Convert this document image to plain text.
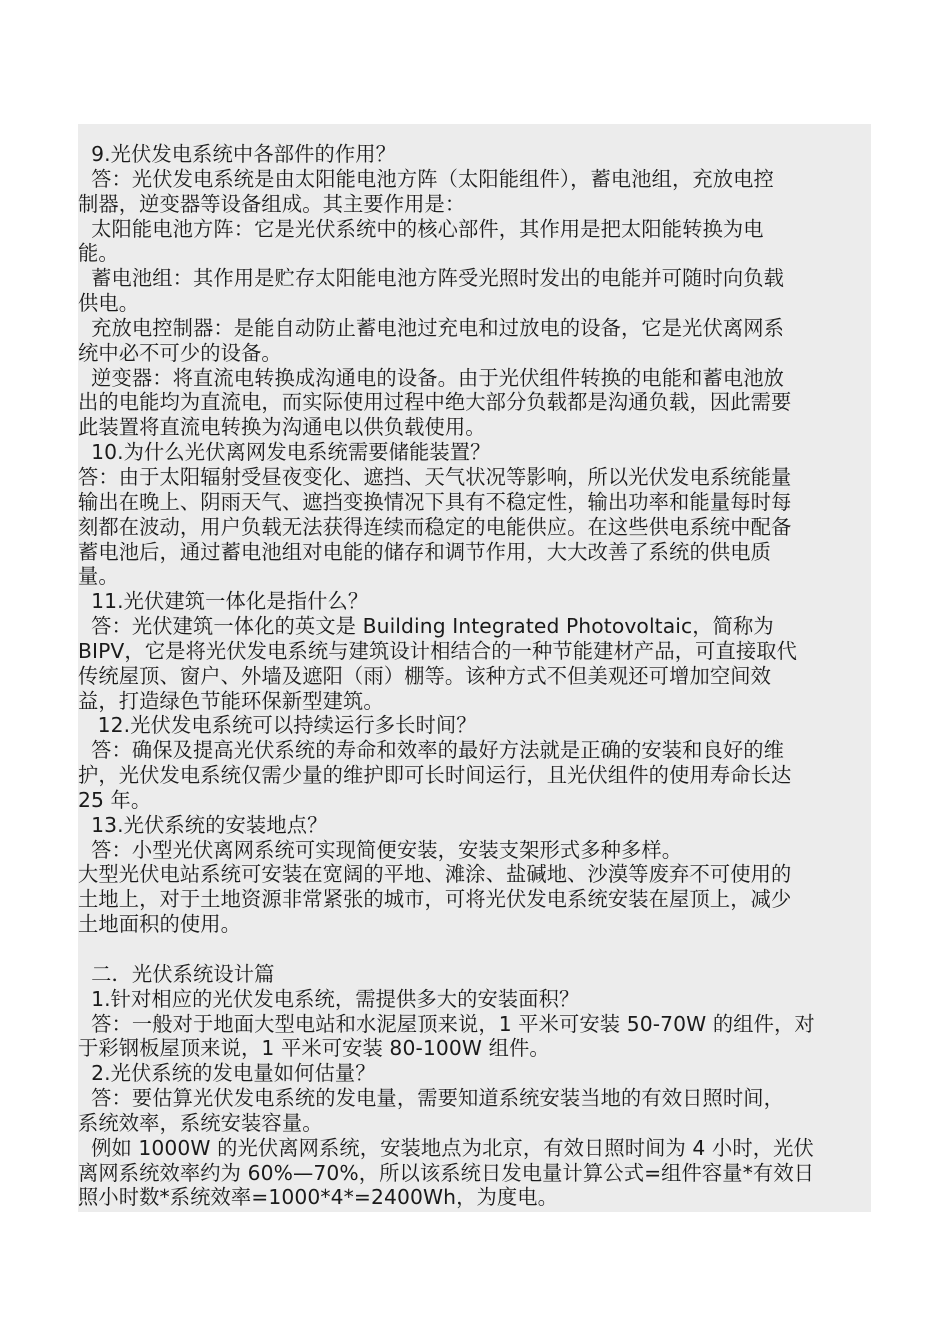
9.光伏发电系统中各部件的作用？
答：光伏发电系统是由太阳能电池方阵（太阳能组件），蓄电池组，充放电控
制器，逆变器等设备组成。其主要作用是：
太阳能电池方阵：它是光伏系统中的核心部件，其作用是把太阳能转换为电
能。
蓄电池组：其作用是贮存太阳能电池方阵受光照时发出的电能并可随时向负载
供电。
充放电控制器：是能自动防止蓄电池过充电和过放电的设备，它是光伏离网系
统中必不可少的设备。
逆变器：将直流电转换成沟通电的设备。由于光伏组件转换的电能和蓄电池放
出的电能均为直流电，而实际使用过程中绝大部分负载都是沟通负载，因此需要
此装置将直流电转换为沟通电以供负载使用。
10.为什么光伏离网发电系统需要储能装置？
答：由于太阳辐射受昼夜变化、遮挡、天气状况等影响，所以光伏发电系统能量
输出在晚上、阴雨天气、遮挡变换情况下具有不稳定性，输出功率和能量每时每
刻都在波动，用户负载无法获得连续而稳定的电能供应。在这些供电系统中配备
蓄电池后，通过蓄电池组对电能的储存和调节作用，大大改善了系统的供电质
量。
11.光伏建筑一体化是指什么？
答：光伏建筑一体化的英文是 Building Integrated Photovoltaic，简称为
BIPV，它是将光伏发电系统与建筑设计相结合的一种节能建材产品，可直接取代
传统屋顶、窗户、外墙及遮阳（雨）棚等。该种方式不但美观还可增加空间效
益，打造绿色节能环保新型建筑。
12.光伏发电系统可以持续运行多长时间？
答：确保及提高光伏系统的寿命和效率的最好方法就是正确的安装和良好的维
护，光伏发电系统仅需少量的维护即可长时间运行，且光伏组件的使用寿命长达
25 年。
13.光伏系统的安装地点？
答：小型光伏离网系统可实现简便安装，安装支架形式多种多样。
大型光伏电站系统可安装在宽阔的平地、滩涂、盐碱地、沙漠等废弃不可使用的
土地上，对于土地资源非常紧张的城市，可将光伏发电系统安装在屋顶上，减少
土地面积的使用。
二．光伏系统设计篇
1.针对相应的光伏发电系统，需提供多大的安装面积？
答：一般对于地面大型电站和水泥屋顶来说，1 平米可安装 50-70W 的组件，对
于彩钢板屋顶来说，1 平米可安装 80-100W 组件。
2.光伏系统的发电量如何估量？
答：要估算光伏发电系统的发电量，需要知道系统安装当地的有效日照时间，
系统效率，系统安装容量。
例如 1000W 的光伏离网系统，安装地点为北京，有效日照时间为 4 小时，光伏
离网系统效率约为 60%—70%，所以该系统日发电量计算公式=组件容量*有效日
照小时数*系统效率=1000*4*=2400Wh，为度电。
